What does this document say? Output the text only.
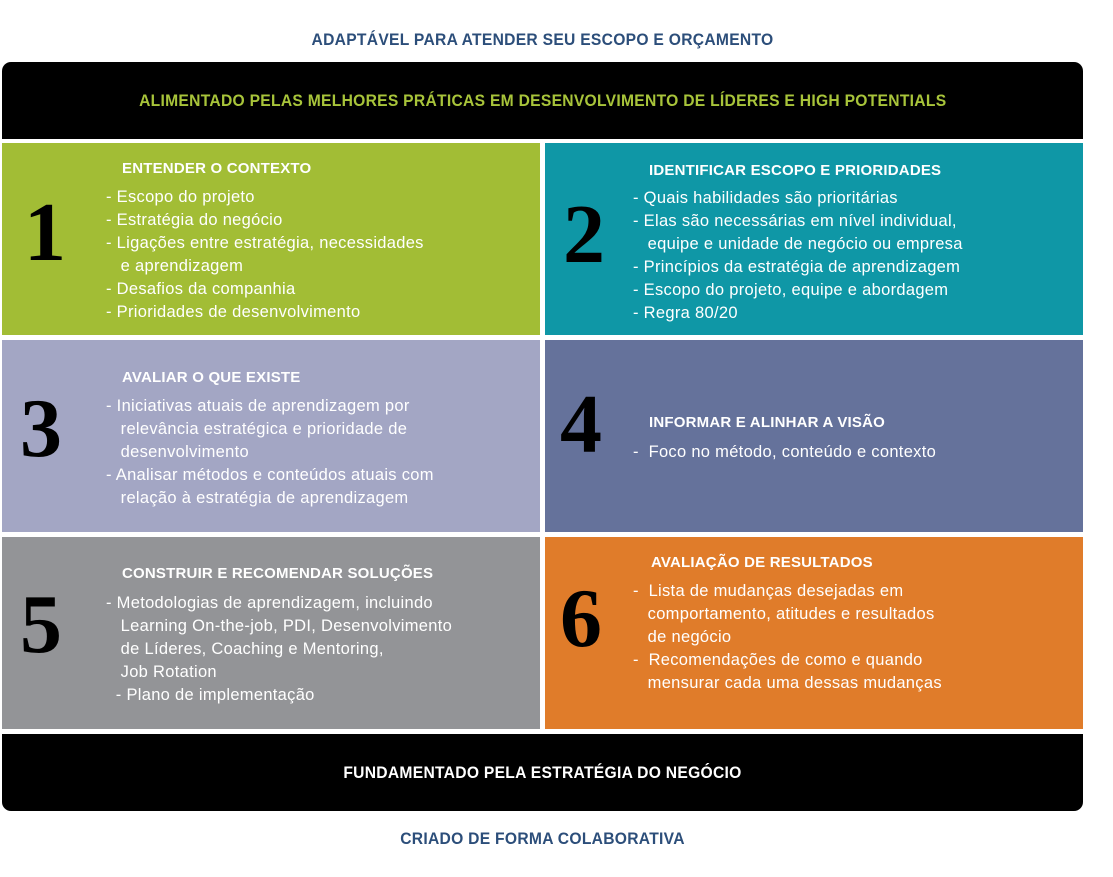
ADAPTÁVEL PARA ATENDER SEU ESCOPO E ORÇAMENTO
ALIMENTADO PELAS MELHORES PRÁTICAS EM DESENVOLVIMENTO DE LÍDERES E HIGH POTENTIALS
1
ENTENDER O CONTEXTO
- Escopo do projeto
- Estratégia do negócio
- Ligações entre estratégia, necessidades
e aprendizagem
- Desafios da companhia
- Prioridades de desenvolvimento
2
IDENTIFICAR ESCOPO E PRIORIDADES
- Quais habilidades são prioritárias
- Elas são necessárias em nível individual,
equipe e unidade de negócio ou empresa
- Princípios da estratégia de aprendizagem
- Escopo do projeto, equipe e abordagem
- Regra 80/20
3
AVALIAR O QUE EXISTE
- Iniciativas atuais de aprendizagem por
relevância estratégica e prioridade de
desenvolvimento
- Analisar métodos e conteúdos atuais com
relação à estratégia de aprendizagem
4	INFORMAR E ALINHAR A VISÃO
-  Foco no método, conteúdo e contexto
5
CONSTRUIR E RECOMENDAR SOLUÇÕES
- Metodologias de aprendizagem, incluindo
Learning On-the-job, PDI, Desenvolvimento
de Líderes, Coaching e Mentoring,
Job Rotation
- Plano de implementação
6
AVALIAÇÃO DE RESULTADOS
-  Lista de mudanças desejadas em
comportamento, atitudes e resultados
de negócio
-  Recomendações de como e quando
mensurar cada uma dessas mudanças
FUNDAMENTADO PELA ESTRATÉGIA DO NEGÓCIO
CRIADO DE FORMA COLABORATIVA
